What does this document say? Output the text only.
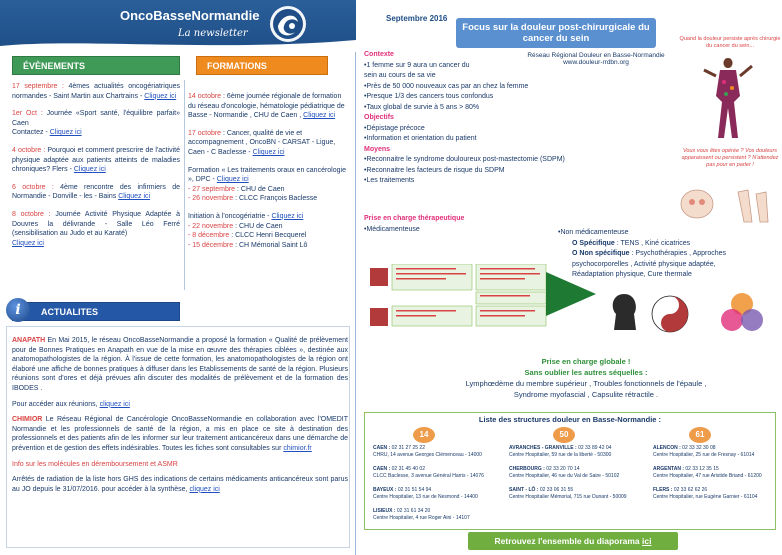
OncoBasseNormandie
La newsletter
ÉVÈNEMENTS	FORMATIONS

17 septembre : 4èmes actualités oncogériatriques normandes - Saint Martin aux Chartrains - Cliquez ici

1er Oct : Journée «Sport santé, l'équilibre parfait» Caen
Contactez - Cliquez ici

4 octobre : Pourquoi et comment prescrire de l'activité physique adaptée aux patients atteints de maladies chroniques? Flers - Cliquez ici

6 octobre : 4ème rencontre des infirmiers de Normandie - Donville - les - Bains Cliquez ici

8 octobre : Journée Activité Physique Adaptée à Douvres la délivrande - Salle Léo Ferré (sensibilisation au Judo et au Karaté)
Cliquez ici

14 octobre : 6ème journée régionale de formation du réseau d'oncologie, hématologie pédiatrique de Basse - Normandie , CHU de Caen , Cliquez ici

17 octobre : Cancer, qualité de vie et accompagnement , OncoBN - CARSAT - Ligue, Caen - C Baclesse - Cliquez ici

Formation « Les traitements oraux en cancérologie », DPC - Cliquez ici
- 27 septembre : CHU de Caen
- 26 novembre : CLCC François Baclesse

Initiation à l'oncogériatrie - Cliquez ici
- 22 novembre : CHU de Caen
- 8 décembre : CLCC Henri Becquerel
- 15 décembre : CH Mémorial Saint Lô

ACTUALITES
i

ANAPATH En Mai 2015, le réseau OncoBasseNormandie a proposé la formation « Qualité de prélèvement pour de Bonnes Pratiques en Anapath en vue de la mise en œuvre des thérapies ciblées », destinée aux anatomopathologistes de la région. À l'issue de cette formation, les anatomopathologistes de la région ont élaboré une affiche de bonnes pratiques à diffuser dans les Etablissements de santé de la région. Plusieurs réunions sont d'ores et déjà prévues afin discuter des modalités de prélèvement et de la formation des IBODES .

Pour accéder aux réunions, cliquez ici

CHIMIOR Le Réseau Régional de Cancérologie OncoBasseNormandie en collaboration avec l'OMEDIT Normandie et les professionnels de santé de la région, a mis en place ce site à destination des professionnels et des patients afin de les informer sur leur traitement anticancéreux dans une démarche de prévention et de gestion des effets indésirables. Toutes les fiches sont consultables sur chimior.fr

Info sur les molécules en déremboursement et ASMR

Arrêtés de radiation de la liste hors GHS des indications de certains médicaments anticancéreux sont parus au JO depuis le 31/07/2016. pour accéder à la synthèse, cliquez ici

Septembre 2016
Focus sur la douleur post-chirurgicale du cancer du sein
Réseau Régional Douleur en Basse-Normandie
www.douleur-rrdbn.org
Contexte
•1 femme sur 9 aura un cancer du sein au cours de sa vie
•Près de 50 000 nouveaux cas par an chez la femme
•Presque 1/3 des cancers tous confondus
•Taux global de survie à 5 ans > 80%
Objectifs
•Dépistage précoce
•Information et orientation du patient
Moyens
•Reconnaitre le syndrome douloureux post-mastectomie (SDPM)
•Reconnaitre les facteurs de risque du SDPM
•Les traitements
Prise en charge thérapeutique
•Médicamenteuse	•Non médicamenteuse
O Spécifique : TENS , Kiné cicatrices
O Non spécifique : Psychothérapies , Approches psychocorporelles , Activité physique adaptée, Réadaptation physique, Cure thermale
Quand la douleur persiste après chirurgie du cancer du sein...
Vous vous êtes opérée ? Vos douleurs apparaissent ou persistent ? N'attendez pas pour en parler !
Prise en charge globale !
Sans oublier les autres séquelles :
Lymphœdème du membre supérieur , Troubles fonctionnels de l'épaule ,
Syndrome myofascial , Capsulite rétractile .
Liste des structures douleur en Basse-Normandie :
14	50	61
CAEN : 02 31 27 25 22
CHRU, 14 avenue Georges Clémenceau - 14000
CAEN : 02 31 45 40 02
CLCC Baclesse, 3 avenue Général Harris - 14076
BAYEUX : 02 31 51 54 94
Centre Hospitalier, 13 rue de Nesmond - 14400
LISIEUX : 02 31 61 34 20
Centre Hospitalier, 4 rue Roger Aini - 14107
AVRANCHES - GRANVILLE : 02 33 89 42 04
Centre Hospitalier, 59 rue de la liberté - 50300
CHERBOURG : 02 33 20 70 14
Centre Hospitalier, 46 rue du Val de Saire - 50102
SAINT - LÔ : 02 33 06 31 55
Centre Hospitalier Mémorial, 715 rue Dunant - 50009
ALENCON : 02 33 32 30 08
Centre Hospitalier, 25 rue de Fresnay - 61014
ARGENTAN : 02 33 12 35 15
Centre Hospitalier, 47 rue Aristide Briand - 61200
FLERS : 02 33 62 62 26
Centre Hospitalier, rue Eugène Garnier - 61104
Retrouvez l'ensemble du diaporama ici
